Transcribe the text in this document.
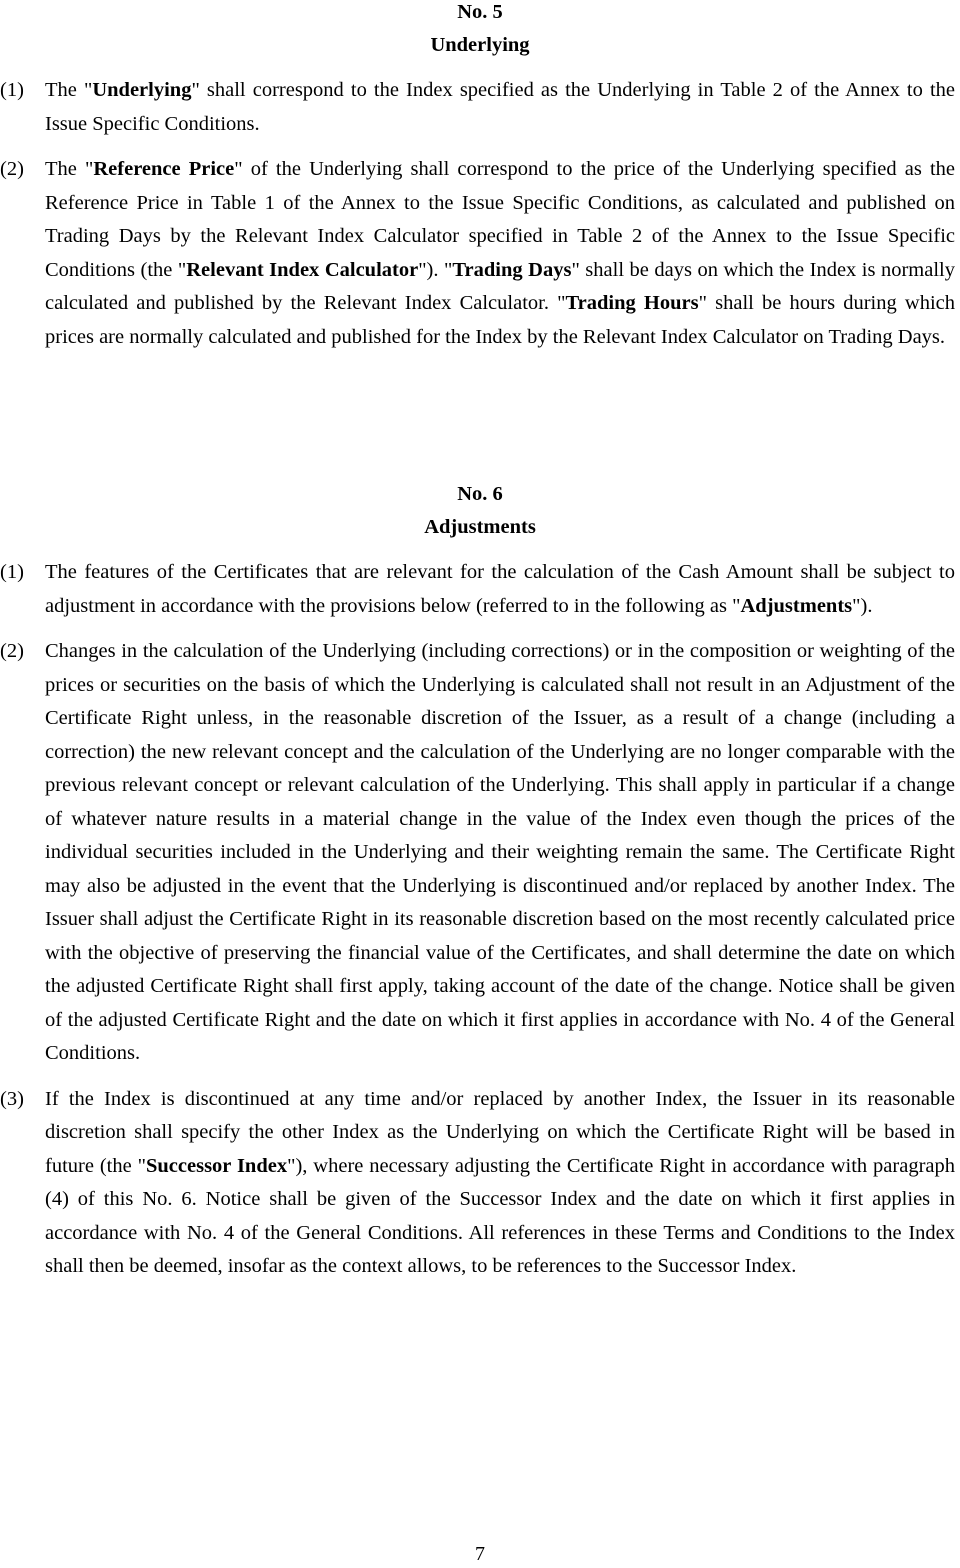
No. 5

Underlying

(1) The "Underlying" shall correspond to the Index specified as the Underlying in Table 2 of the Annex to the Issue Specific Conditions.
(2) The "Reference Price" of the Underlying shall correspond to the price of the Underlying specified as the Reference Price in Table 1 of the Annex to the Issue Specific Conditions, as calculated and published on Trading Days by the Relevant Index Calculator specified in Table 2 of the Annex to the Issue Specific Conditions (the "Relevant Index Calculator"). "Trading Days" shall be days on which the Index is normally calculated and published by the Relevant Index Calculator. "Trading Hours" shall be hours during which prices are normally calculated and published for the Index by the Relevant Index Calculator on Trading Days.

No. 6

Adjustments

(1) The features of the Certificates that are relevant for the calculation of the Cash Amount shall be subject to adjustment in accordance with the provisions below (referred to in the following as "Adjustments").
(2) Changes in the calculation of the Underlying (including corrections) or in the composition or weighting of the prices or securities on the basis of which the Underlying is calculated shall not result in an Adjustment of the Certificate Right unless, in the reasonable discretion of the Issuer, as a result of a change (including a correction) the new relevant concept and the calculation of the Underlying are no longer comparable with the previous relevant concept or relevant calculation of the Underlying. This shall apply in particular if a change of whatever nature results in a material change in the value of the Index even though the prices of the individual securities included in the Underlying and their weighting remain the same. The Certificate Right may also be adjusted in the event that the Underlying is discontinued and/or replaced by another Index. The Issuer shall adjust the Certificate Right in its reasonable discretion based on the most recently calculated price with the objective of preserving the financial value of the Certificates, and shall determine the date on which the adjusted Certificate Right shall first apply, taking account of the date of the change. Notice shall be given of the adjusted Certificate Right and the date on which it first applies in accordance with No. 4 of the General Conditions.
(3) If the Index is discontinued at any time and/or replaced by another Index, the Issuer in its reasonable discretion shall specify the other Index as the Underlying on which the Certificate Right will be based in future (the "Successor Index"), where necessary adjusting the Certificate Right in accordance with paragraph (4) of this No. 6. Notice shall be given of the Successor Index and the date on which it first applies in accordance with No. 4 of the General Conditions. All references in these Terms and Conditions to the Index shall then be deemed, insofar as the context allows, to be references to the Successor Index.
7
